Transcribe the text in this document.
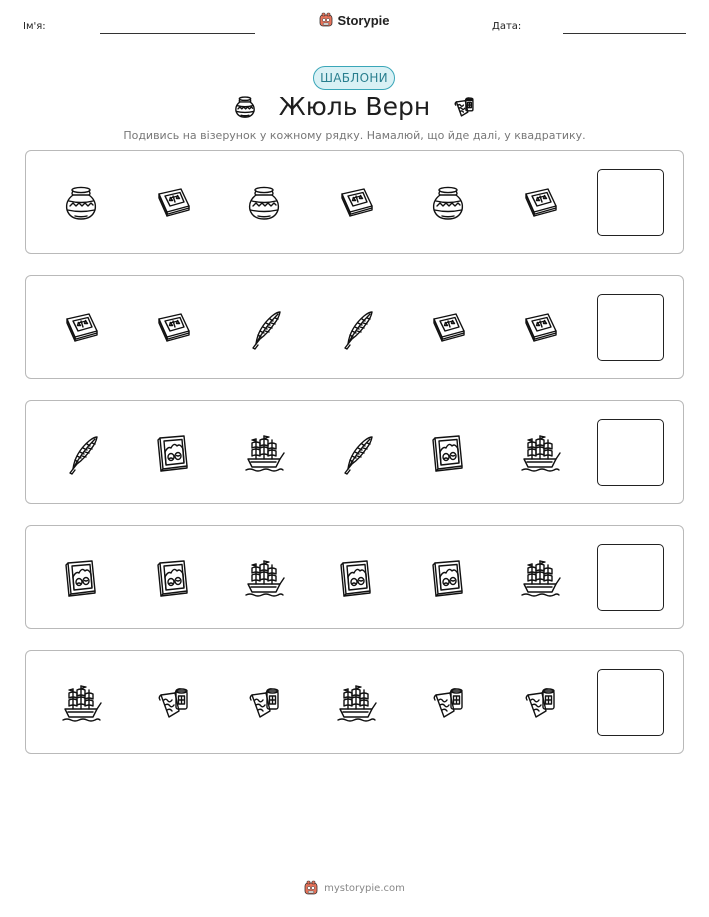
Ім'я:	Storypie	Дата:
ШАБЛОНИ
Жюль Верн
Подивись на візерунок у кожному рядку. Намалюй, що йде далі, у квадратику.
mystorypie.com
